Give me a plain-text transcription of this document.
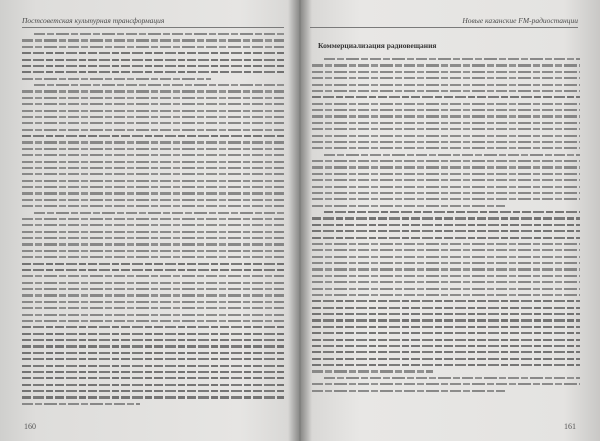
Постсоветская культурная трансформация
160
Новые казанские FM-радиостанции
Коммерциализация радиовещания
161
